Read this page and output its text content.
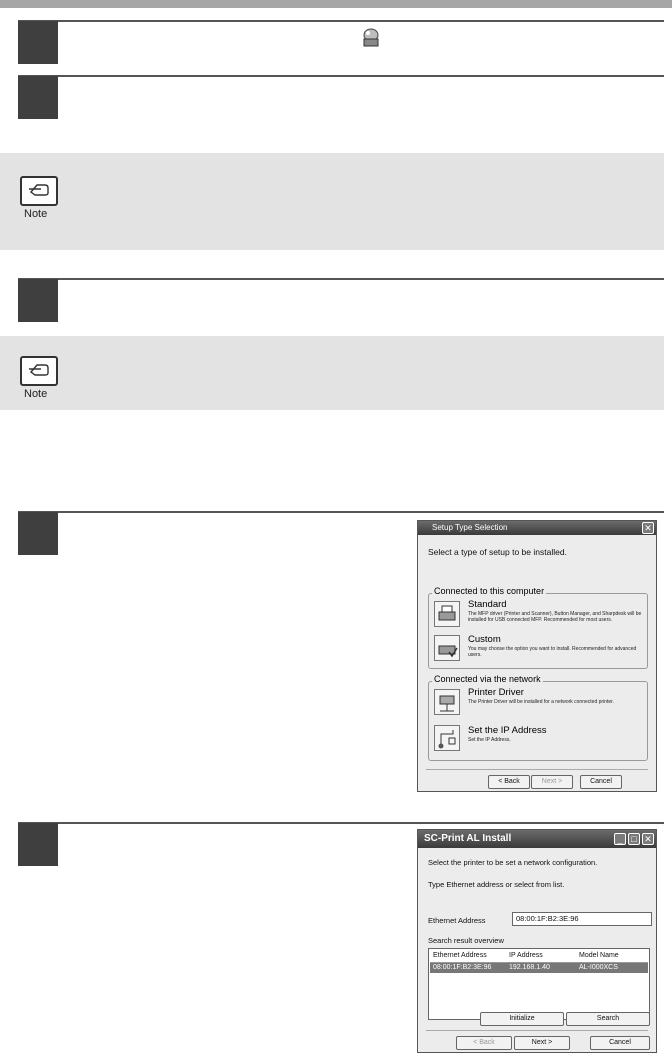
Note
Note
Setup Type Selection	✕
Select a type of setup to be installed.
Connected to this computer
Standard
The MFP driver (Printer and Scanner), Button Manager, and Sharpdesk will be installed for USB connected MFP. Recommended for most users.
Custom
You may choose the option you want to install. Recommended for advanced users.
Connected via the network
Printer Driver
The Printer Driver will be installed for a network connected printer.
Set the IP Address
Set the IP Address.
< Back	Next >	Cancel
SC-Print AL Install	_ □ ✕
Select the printer to be set a network configuration.
Type Ethernet address or select from list.
Ethernet Address	08:00:1F:B2:3E:96
Search result overview
Ethernet Address	IP Address	Model Name
08:00:1F:B2:3E:96	192.168.1.40	AL-I000XCS
Initialize	Search
< Back	Next >	Cancel
